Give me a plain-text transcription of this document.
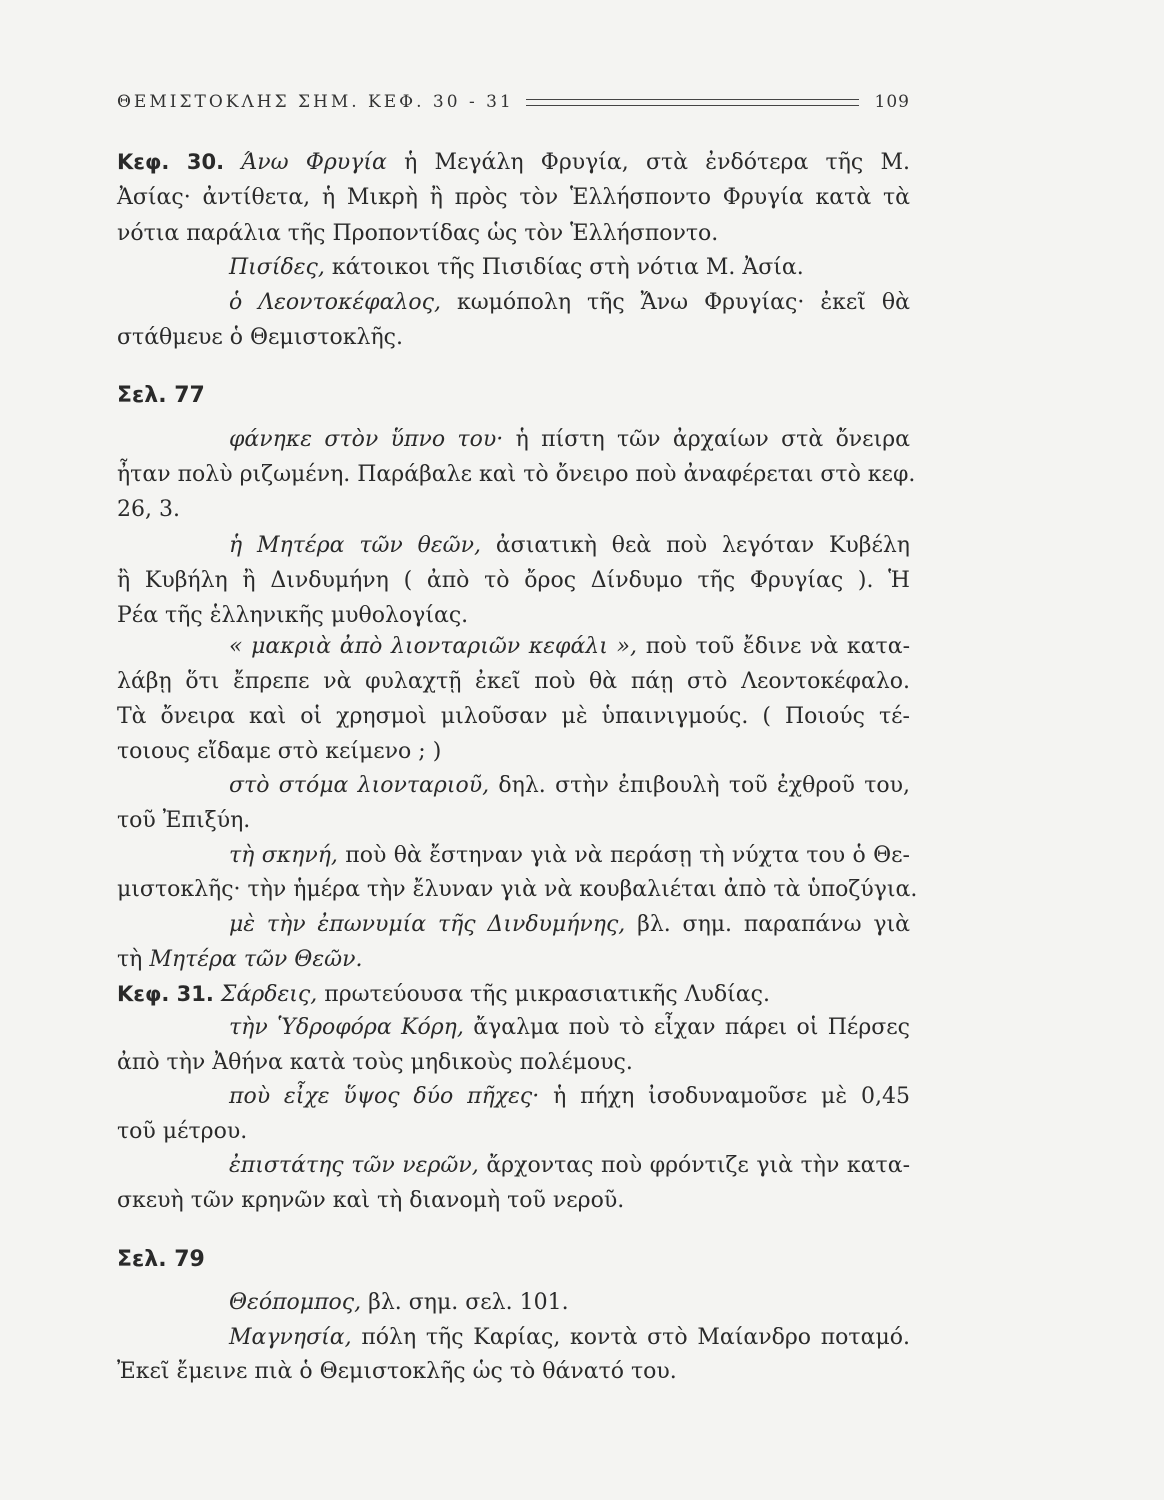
ΘΕΜΙΣΤΟΚΛΗΣ ΣΗΜ. ΚΕΦ. 30 - 31	109
Κεφ. 30. Άνω Φρυγία ἡ Μεγάλη Φρυγία, στὰ ἐνδότερα τῆς Μ.
Ἀσίας· ἀντίθετα, ἡ Μικρὴ ἢ πρὸς τὸν Ἑλλήσποντο Φρυγία κατὰ τὰ
νότια παράλια τῆς Προποντίδας ὡς τὸν Ἑλλήσποντο.
Πισίδες, κάτοικοι τῆς Πισιδίας στὴ νότια Μ. Ἀσία.
ὁ Λεοντοκέφαλος, κωμόπολη τῆς Ἄνω Φρυγίας· ἐκεῖ θὰ
στάθμευε ὁ Θεμιστοκλῆς.
Σελ. 77
φάνηκε στὸν ὕπνο του· ἡ πίστη τῶν ἀρχαίων στὰ ὄνειρα
ἦταν πολὺ ριζωμένη. Παράβαλε καὶ τὸ ὄνειρο ποὺ ἀναφέρεται στὸ κεφ.
26, 3.
ἡ Μητέρα τῶν θεῶν, ἀσιατικὴ θεὰ ποὺ λεγόταν Κυβέλη
ἢ Κυβήλη ἢ Δινδυμήνη ( ἀπὸ τὸ ὄρος Δίνδυμο τῆς Φρυγίας ). Ἡ
Ρέα τῆς ἑλληνικῆς μυθολογίας.
« μακριὰ ἀπὸ λιονταριῶν κεφάλι », ποὺ τοῦ ἔδινε νὰ κατα-
λάβῃ ὅτι ἔπρεπε νὰ φυλαχτῇ ἐκεῖ ποὺ θὰ πάῃ στὸ Λεοντοκέφαλο.
Τὰ ὄνειρα καὶ οἱ χρησμοὶ μιλοῦσαν μὲ ὑπαινιγμούς. ( Ποιούς τέ-
τοιους εἴδαμε στὸ κείμενο ; )
στὸ στόμα λιονταριοῦ, δηλ. στὴν ἐπιβουλὴ τοῦ ἐχθροῦ του,
τοῦ Ἐπιξύη.
τὴ σκηνή, ποὺ θὰ ἔστηναν γιὰ νὰ περάσῃ τὴ νύχτα του ὁ Θε-
μιστοκλῆς· τὴν ἡμέρα τὴν ἔλυναν γιὰ νὰ κουβαλιέται ἀπὸ τὰ ὑποζύγια.
μὲ τὴν ἐπωνυμία τῆς Δινδυμήνης, βλ. σημ. παραπάνω γιὰ
τὴ Μητέρα τῶν Θεῶν.
Κεφ. 31. Σάρδεις, πρωτεύουσα τῆς μικρασιατικῆς Λυδίας.
τὴν Ὑδροφόρα Κόρη, ἄγαλμα ποὺ τὸ εἶχαν πάρει οἱ Πέρσες
ἀπὸ τὴν Ἀθήνα κατὰ τοὺς μηδικοὺς πολέμους.
ποὺ εἶχε ὕψος δύο πῆχες· ἡ πήχη ἰσοδυναμοῦσε μὲ 0,45
τοῦ μέτρου.
ἐπιστάτης τῶν νερῶν, ἄρχοντας ποὺ φρόντιζε γιὰ τὴν κατα-
σκευὴ τῶν κρηνῶν καὶ τὴ διανομὴ τοῦ νεροῦ.
Σελ. 79
Θεόπομπος, βλ. σημ. σελ. 101.
Μαγνησία, πόλη τῆς Καρίας, κοντὰ στὸ Μαίανδρο ποταμό.
Ἐκεῖ ἔμεινε πιὰ ὁ Θεμιστοκλῆς ὡς τὸ θάνατό του.
